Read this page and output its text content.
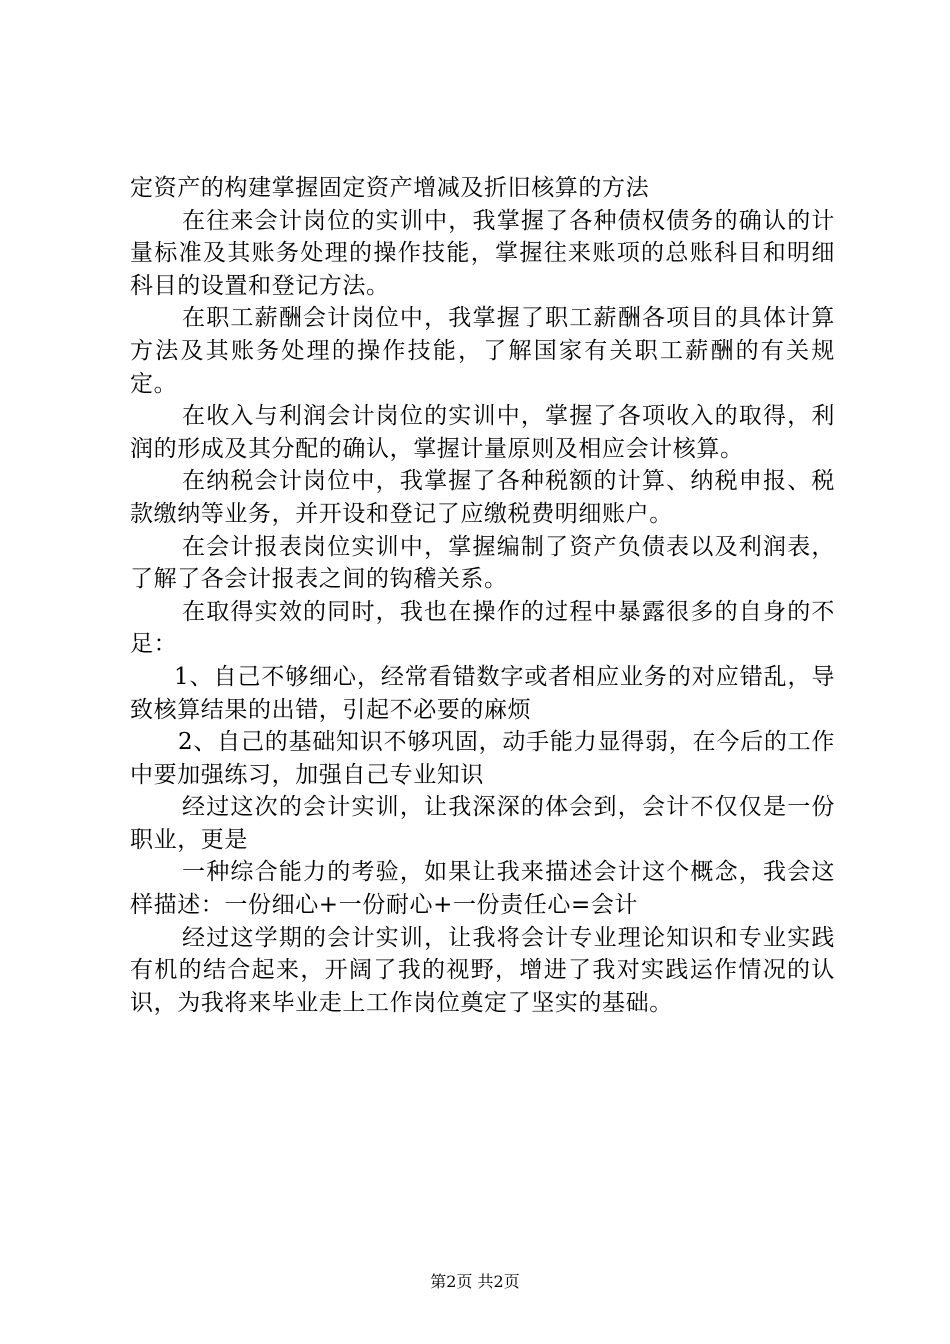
定资产的构建掌握固定资产增减及折旧核算的方法

在往来会计岗位的实训中，我掌握了各种债权债务的确认的计量标准及其账务处理的操作技能，掌握往来账项的总账科目和明细科目的设置和登记方法。

在职工薪酬会计岗位中，我掌握了职工薪酬各项目的具体计算方法及其账务处理的操作技能，了解国家有关职工薪酬的有关规定。

在收入与利润会计岗位的实训中，掌握了各项收入的取得，利润的形成及其分配的确认，掌握计量原则及相应会计核算。

在纳税会计岗位中，我掌握了各种税额的计算、纳税申报、税款缴纳等业务，并开设和登记了应缴税费明细账户。

在会计报表岗位实训中，掌握编制了资产负债表以及利润表，了解了各会计报表之间的钩稽关系。

在取得实效的同时，我也在操作的过程中暴露很多的自身的不足：

1、自己不够细心，经常看错数字或者相应业务的对应错乱，导致核算结果的出错，引起不必要的麻烦

2、自己的基础知识不够巩固，动手能力显得弱，在今后的工作中要加强练习，加强自己专业知识

经过这次的会计实训，让我深深的体会到，会计不仅仅是一份职业，更是

一种综合能力的考验，如果让我来描述会计这个概念，我会这样描述：一份细心+一份耐心+一份责任心=会计

经过这学期的会计实训，让我将会计专业理论知识和专业实践有机的结合起来，开阔了我的视野，增进了我对实践运作情况的认识，为我将来毕业走上工作岗位奠定了坚实的基础。

第2页 共2页
